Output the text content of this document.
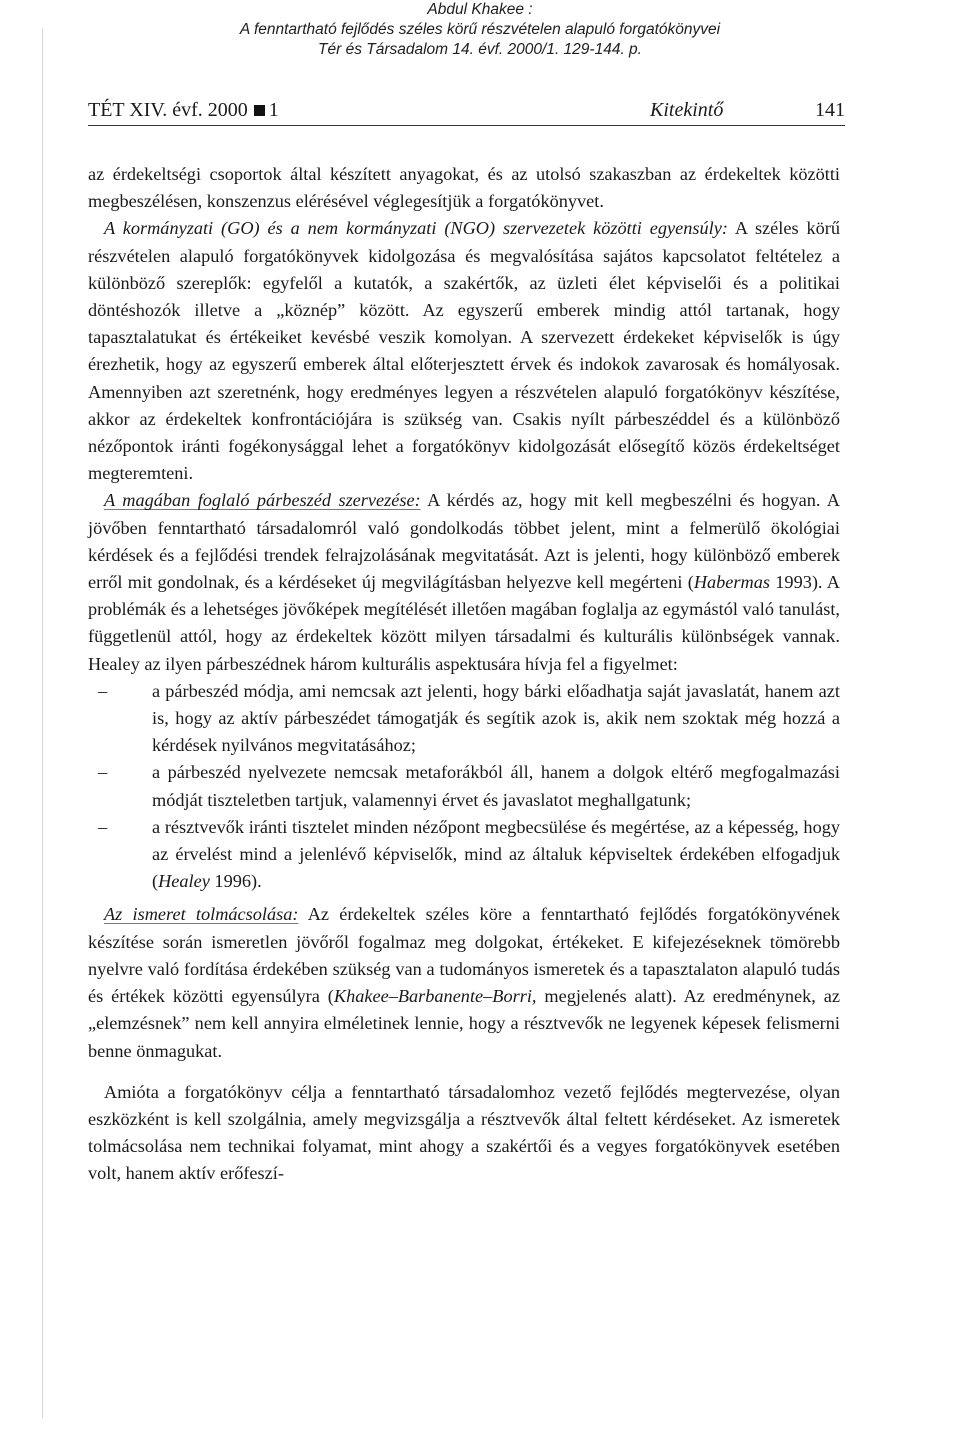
Abdul Khakee :
A fenntartható fejlődés széles körű részvételen alapuló forgatókönyvei
Tér és Társadalom 14. évf. 2000/1. 129-144. p.
TÉT XIV. évf. 2000 1	Kitekintő	141

az érdekeltségi csoportok által készített anyagokat, és az utolsó szakaszban az érdekeltek közötti megbeszélésen, konszenzus elérésével véglegesítjük a forgatókönyvet.

A kormányzati (GO) és a nem kormányzati (NGO) szervezetek közötti egyensúly: A széles körű részvételen alapuló forgatókönyvek kidolgozása és megvalósítása sajátos kapcsolatot feltételez a különböző szereplők: egyfelől a kutatók, a szakértők, az üzleti élet képviselői és a politikai döntéshozók illetve a „köznép” között. Az egyszerű emberek mindig attól tartanak, hogy tapasztalatukat és értékeiket kevésbé veszik komolyan. A szervezett érdekeket képviselők is úgy érezhetik, hogy az egyszerű emberek által előterjesztett érvek és indokok zavarosak és homályosak. Amennyiben azt szeretnénk, hogy eredményes legyen a részvételen alapuló forgatókönyv készítése, akkor az érdekeltek konfrontációjára is szükség van. Csakis nyílt párbeszéddel és a különböző nézőpontok iránti fogékonysággal lehet a forgatókönyv kidolgozását elősegítő közös érdekeltséget megteremteni.

A magában foglaló párbeszéd szervezése: A kérdés az, hogy mit kell megbeszélni és hogyan. A jövőben fenntartható társadalomról való gondolkodás többet jelent, mint a felmerülő ökológiai kérdések és a fejlődési trendek felrajzolásának megvitatását. Azt is jelenti, hogy különböző emberek erről mit gondolnak, és a kérdéseket új megvilágításban helyezve kell megérteni (Habermas 1993). A problémák és a lehetséges jövőképek megítélését illetően magában foglalja az egymástól való tanulást, függetlenül attól, hogy az érdekeltek között milyen társadalmi és kulturális különbségek vannak. Healey az ilyen párbeszédnek három kulturális aspektusára hívja fel a figyelmet:

– a párbeszéd módja, ami nemcsak azt jelenti, hogy bárki előadhatja saját javaslatát, hanem azt is, hogy az aktív párbeszédet támogatják és segítik azok is, akik nem szoktak még hozzá a kérdések nyilvános megvitatásához;
– a párbeszéd nyelvezete nemcsak metaforákból áll, hanem a dolgok eltérő megfogalmazási módját tiszteletben tartjuk, valamennyi érvet és javaslatot meghallgatunk;
– a résztvevők iránti tisztelet minden nézőpont megbecsülése és megértése, az a képesség, hogy az érvelést mind a jelenlévő képviselők, mind az általuk képviseltek érdekében elfogadjuk (Healey 1996).

Az ismeret tolmácsolása: Az érdekeltek széles köre a fenntartható fejlődés forgatókönyvének készítése során ismeretlen jövőről fogalmaz meg dolgokat, értékeket. E kifejezéseknek tömörebb nyelvre való fordítása érdekében szükség van a tudományos ismeretek és a tapasztalaton alapuló tudás és értékek közötti egyensúlyra (Khakee–Barbanente–Borri, megjelenés alatt). Az eredménynek, az „elemzésnek” nem kell annyira elméletinek lennie, hogy a résztvevők ne legyenek képesek felismerni benne önmagukat.

Amióta a forgatókönyv célja a fenntartható társadalomhoz vezető fejlődés megtervezése, olyan eszközként is kell szolgálnia, amely megvizsgálja a résztvevők által feltett kérdéseket. Az ismeretek tolmácsolása nem technikai folyamat, mint ahogy a szakértői és a vegyes forgatókönyvek esetében volt, hanem aktív erőfeszí-
